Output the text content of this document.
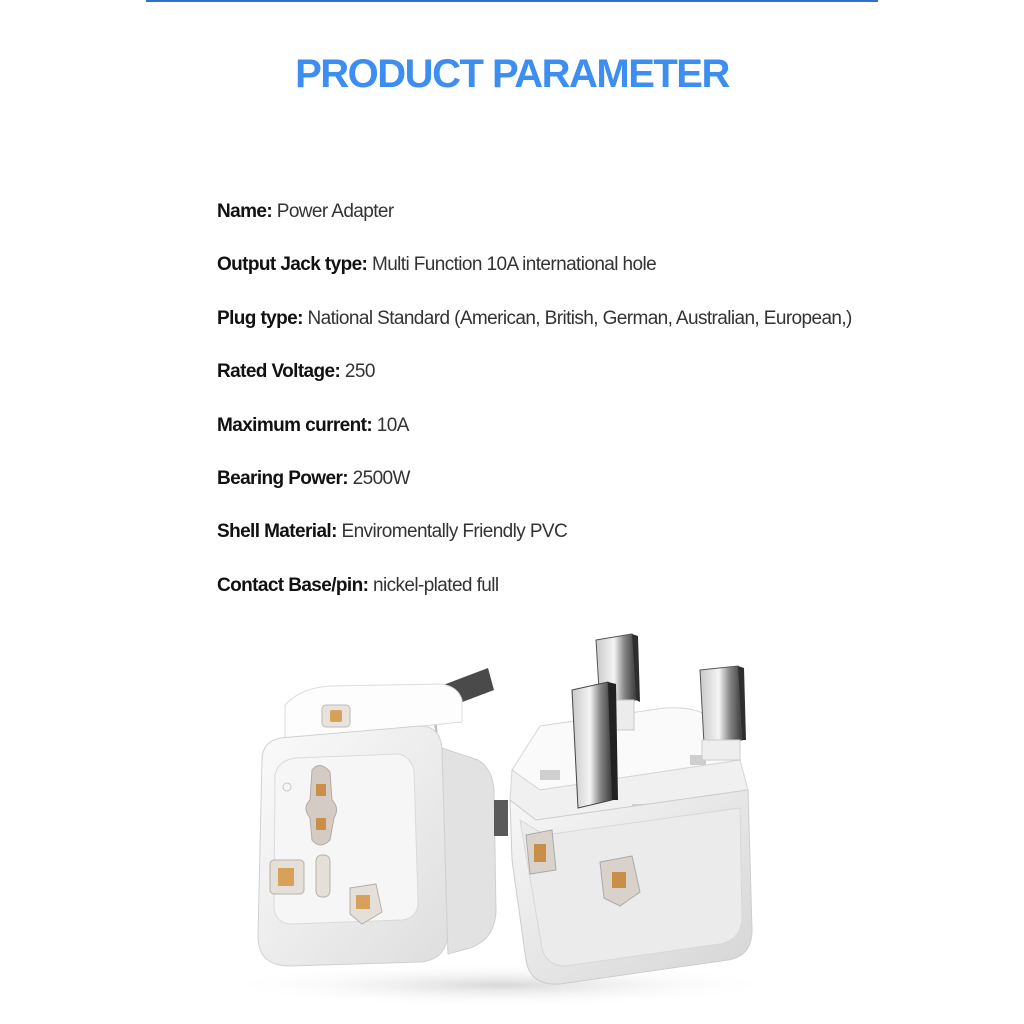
PRODUCT PARAMETER
Name: Power Adapter
Output Jack type: Multi Function 10A international hole
Plug type: National Standard (American, British, German, Australian, European,)
Rated Voltage: 250
Maximum current: 10A
Bearing Power: 2500W
Shell Material: Enviromentally Friendly PVC
Contact Base/pin: nickel-plated full
